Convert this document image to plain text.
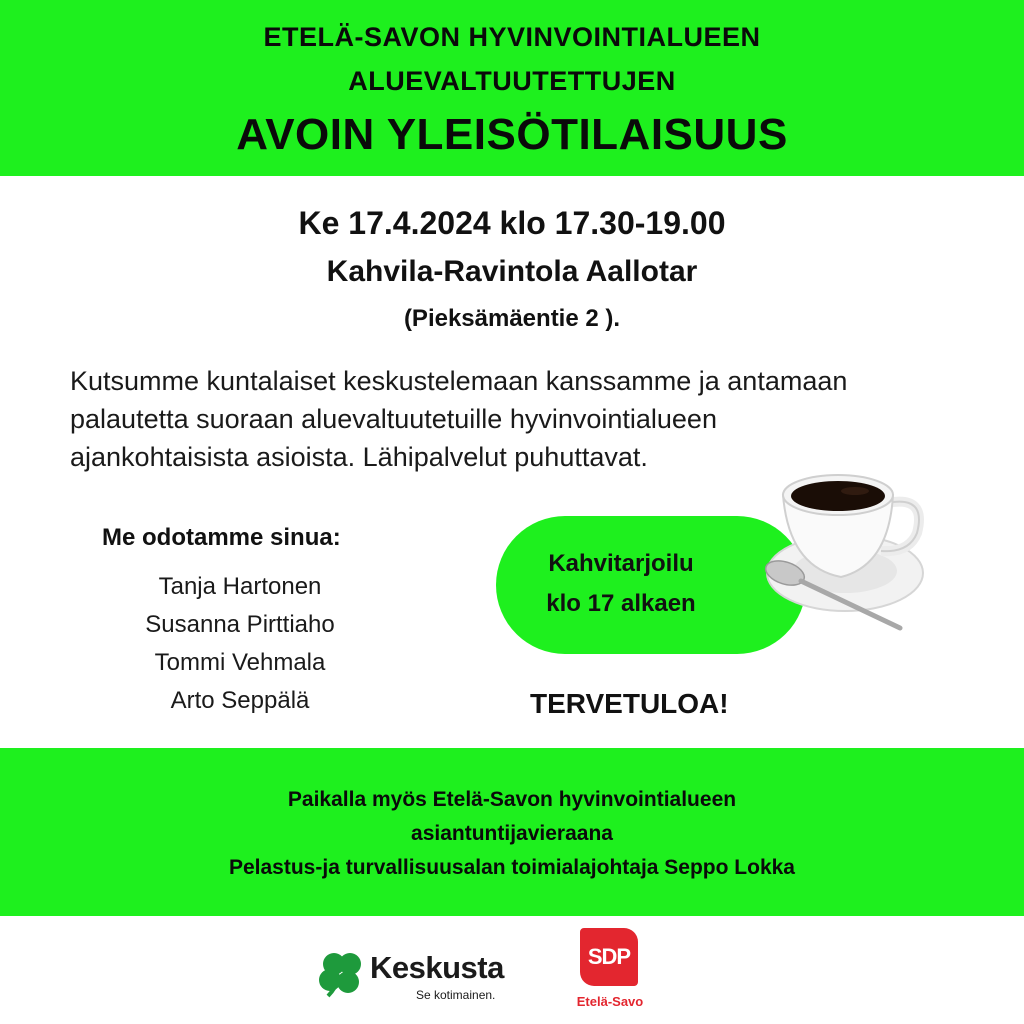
ETELÄ-SAVON HYVINVOINTIALUEEN
ALUEVALTUUTETTUJEN
AVOIN YLEISÖTILAISUUS
Ke 17.4.2024 klo 17.30-19.00
Kahvila-Ravintola Aallotar
(Pieksämäentie 2 ).
Kutsumme kuntalaiset keskustelemaan kanssamme ja antamaan
palautetta suoraan aluevaltuutetuille hyvinvointialueen
ajankohtaisista asioista. Lähipalvelut puhuttavat.
Me odotamme sinua:
Tanja Hartonen
Susanna Pirttiaho
Tommi Vehmala
Arto Seppälä
Kahvitarjoilu
klo 17 alkaen
TERVETULOA!
Paikalla myös Etelä-Savon hyvinvointialueen
asiantuntijavieraana
Pelastus-ja turvallisuusalan toimialajohtaja Seppo Lokka
Keskusta
Se kotimainen.
SDP
Etelä-Savo
